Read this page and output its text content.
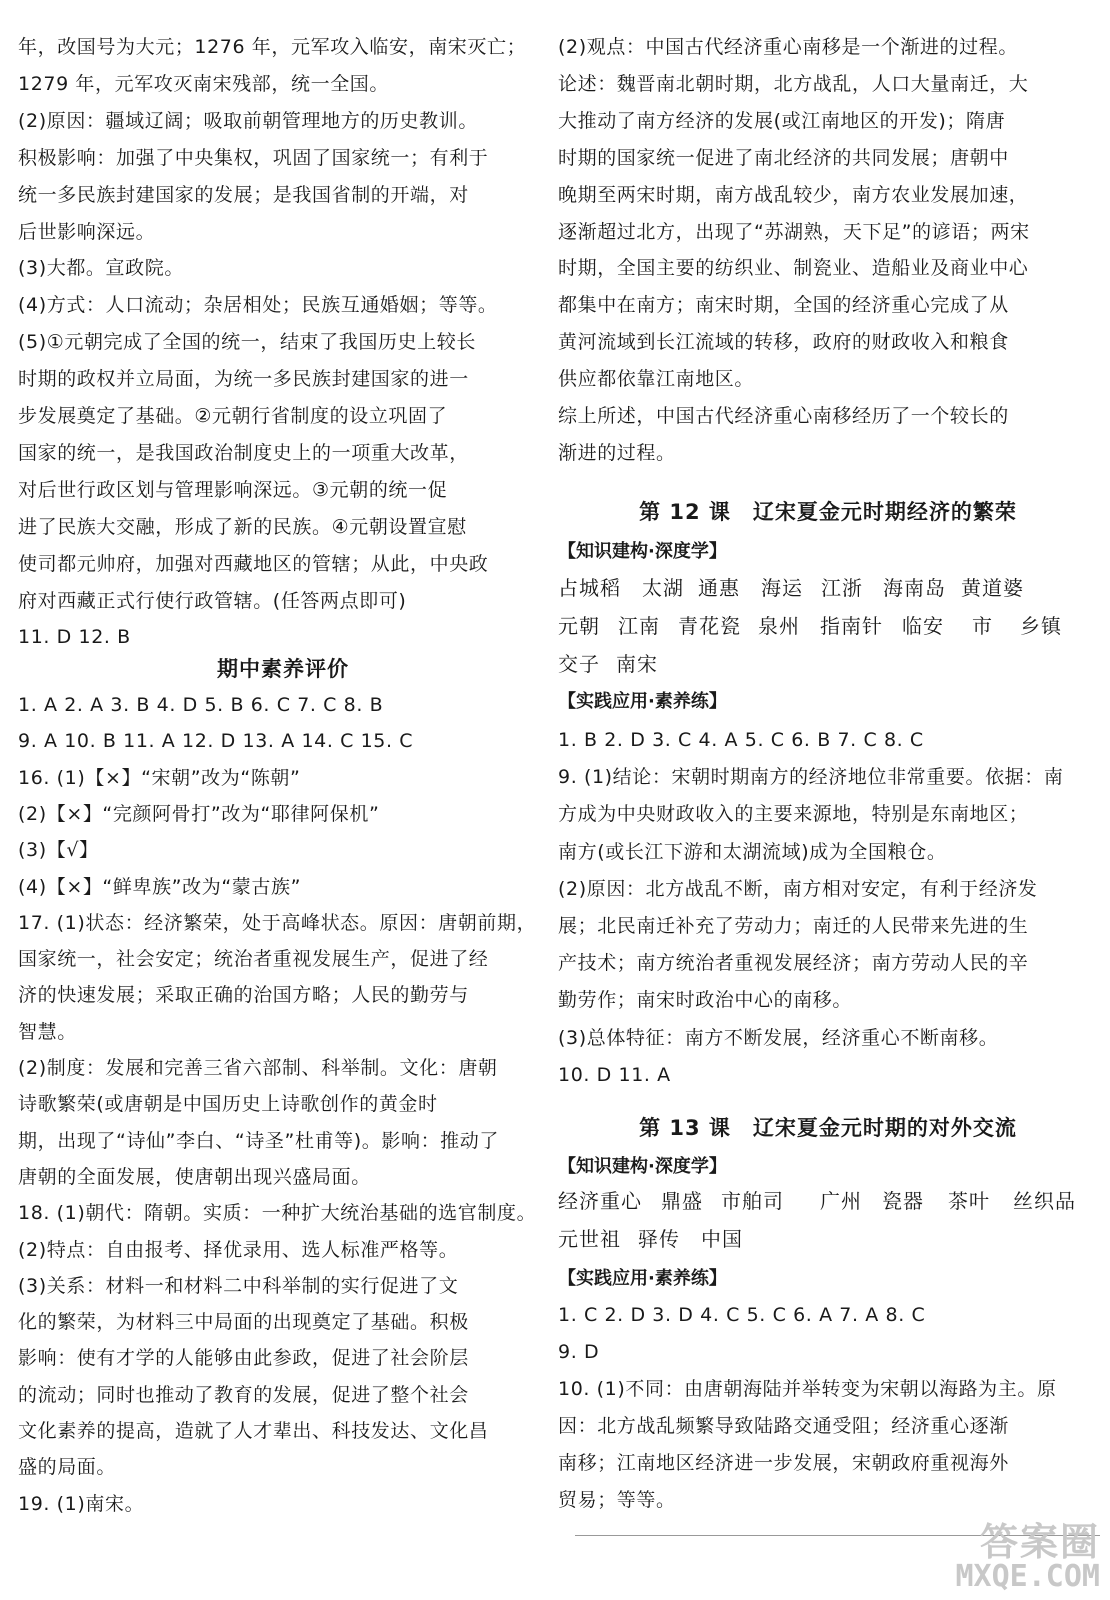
年，改国号为大元；1276 年，元军攻入临安，南宋灭亡；
1279 年，元军攻灭南宋残部，统一全国。
(2)原因：疆域辽阔；吸取前朝管理地方的历史教训。
积极影响：加强了中央集权，巩固了国家统一；有利于
统一多民族封建国家的发展；是我国省制的开端，对
后世影响深远。
(3)大都。宣政院。
(4)方式：人口流动；杂居相处；民族互通婚姻；等等。
(5)①元朝完成了全国的统一，结束了我国历史上较长
时期的政权并立局面，为统一多民族封建国家的进一
步发展奠定了基础。②元朝行省制度的设立巩固了
国家的统一，是我国政治制度史上的一项重大改革，
对后世行政区划与管理影响深远。③元朝的统一促
进了民族大交融，形成了新的民族。④元朝设置宣慰
使司都元帅府，加强对西藏地区的管辖；从此，中央政
府对西藏正式行使行政管辖。(任答两点即可)
11. D 12. B
期中素养评价
1. A 2. A 3. B 4. D 5. B 6. C 7. C 8. B
9. A 10. B 11. A 12. D 13. A 14. C 15. C
16. (1)【×】“宋朝”改为“陈朝”
(2)【×】“完颜阿骨打”改为“耶律阿保机”
(3)【√】
(4)【×】“鲜卑族”改为“蒙古族”
17. (1)状态：经济繁荣，处于高峰状态。原因：唐朝前期，
国家统一，社会安定；统治者重视发展生产，促进了经
济的快速发展；采取正确的治国方略；人民的勤劳与
智慧。
(2)制度：发展和完善三省六部制、科举制。文化：唐朝
诗歌繁荣(或唐朝是中国历史上诗歌创作的黄金时
期，出现了“诗仙”李白、“诗圣”杜甫等)。影响：推动了
唐朝的全面发展，使唐朝出现兴盛局面。
18. (1)朝代：隋朝。实质：一种扩大统治基础的选官制度。
(2)特点：自由报考、择优录用、选人标准严格等。
(3)关系：材料一和材料二中科举制的实行促进了文
化的繁荣，为材料三中局面的出现奠定了基础。积极
影响：使有才学的人能够由此参政，促进了社会阶层
的流动；同时也推动了教育的发展，促进了整个社会
文化素养的提高，造就了人才辈出、科技发达、文化昌
盛的局面。
19. (1)南宋。
(2)观点：中国古代经济重心南移是一个渐进的过程。
论述：魏晋南北朝时期，北方战乱，人口大量南迁，大
大推动了南方经济的发展(或江南地区的开发)；隋唐
时期的国家统一促进了南北经济的共同发展；唐朝中
晚期至两宋时期，南方战乱较少，南方农业发展加速，
逐渐超过北方，出现了“苏湖熟，天下足”的谚语；两宋
时期，全国主要的纺织业、制瓷业、造船业及商业中心
都集中在南方；南宋时期，全国的经济重心完成了从
黄河流域到长江流域的转移，政府的财政收入和粮食
供应都依靠江南地区。
综上所述，中国古代经济重心南移经历了一个较长的
渐进的过程。
第 12 课　辽宋夏金元时期经济的繁荣
【知识建构·深度学】
占城稻 太湖 通惠 海运 江浙 海南岛 黄道婆
元朝 江南 青花瓷 泉州 指南针 临安 市 乡镇
交子 南宋
【实践应用·素养练】
1. B 2. D 3. C 4. A 5. C 6. B 7. C 8. C
9. (1)结论：宋朝时期南方的经济地位非常重要。依据：南
方成为中央财政收入的主要来源地，特别是东南地区；
南方(或长江下游和太湖流域)成为全国粮仓。
(2)原因：北方战乱不断，南方相对安定，有利于经济发
展；北民南迁补充了劳动力；南迁的人民带来先进的生
产技术；南方统治者重视发展经济；南方劳动人民的辛
勤劳作；南宋时政治中心的南移。
(3)总体特征：南方不断发展，经济重心不断南移。
10. D 11. A
第 13 课　辽宋夏金元时期的对外交流
【知识建构·深度学】
经济重心 鼎盛 市舶司 广州 瓷器 茶叶 丝织品
元世祖 驿传 中国
【实践应用·素养练】
1. C 2. D 3. D 4. C 5. C 6. A 7. A 8. C
9. D
10. (1)不同：由唐朝海陆并举转变为宋朝以海路为主。原
因：北方战乱频繁导致陆路交通受阻；经济重心逐渐
南移；江南地区经济进一步发展，宋朝政府重视海外
贸易；等等。
答案圈
MXQE.COM
